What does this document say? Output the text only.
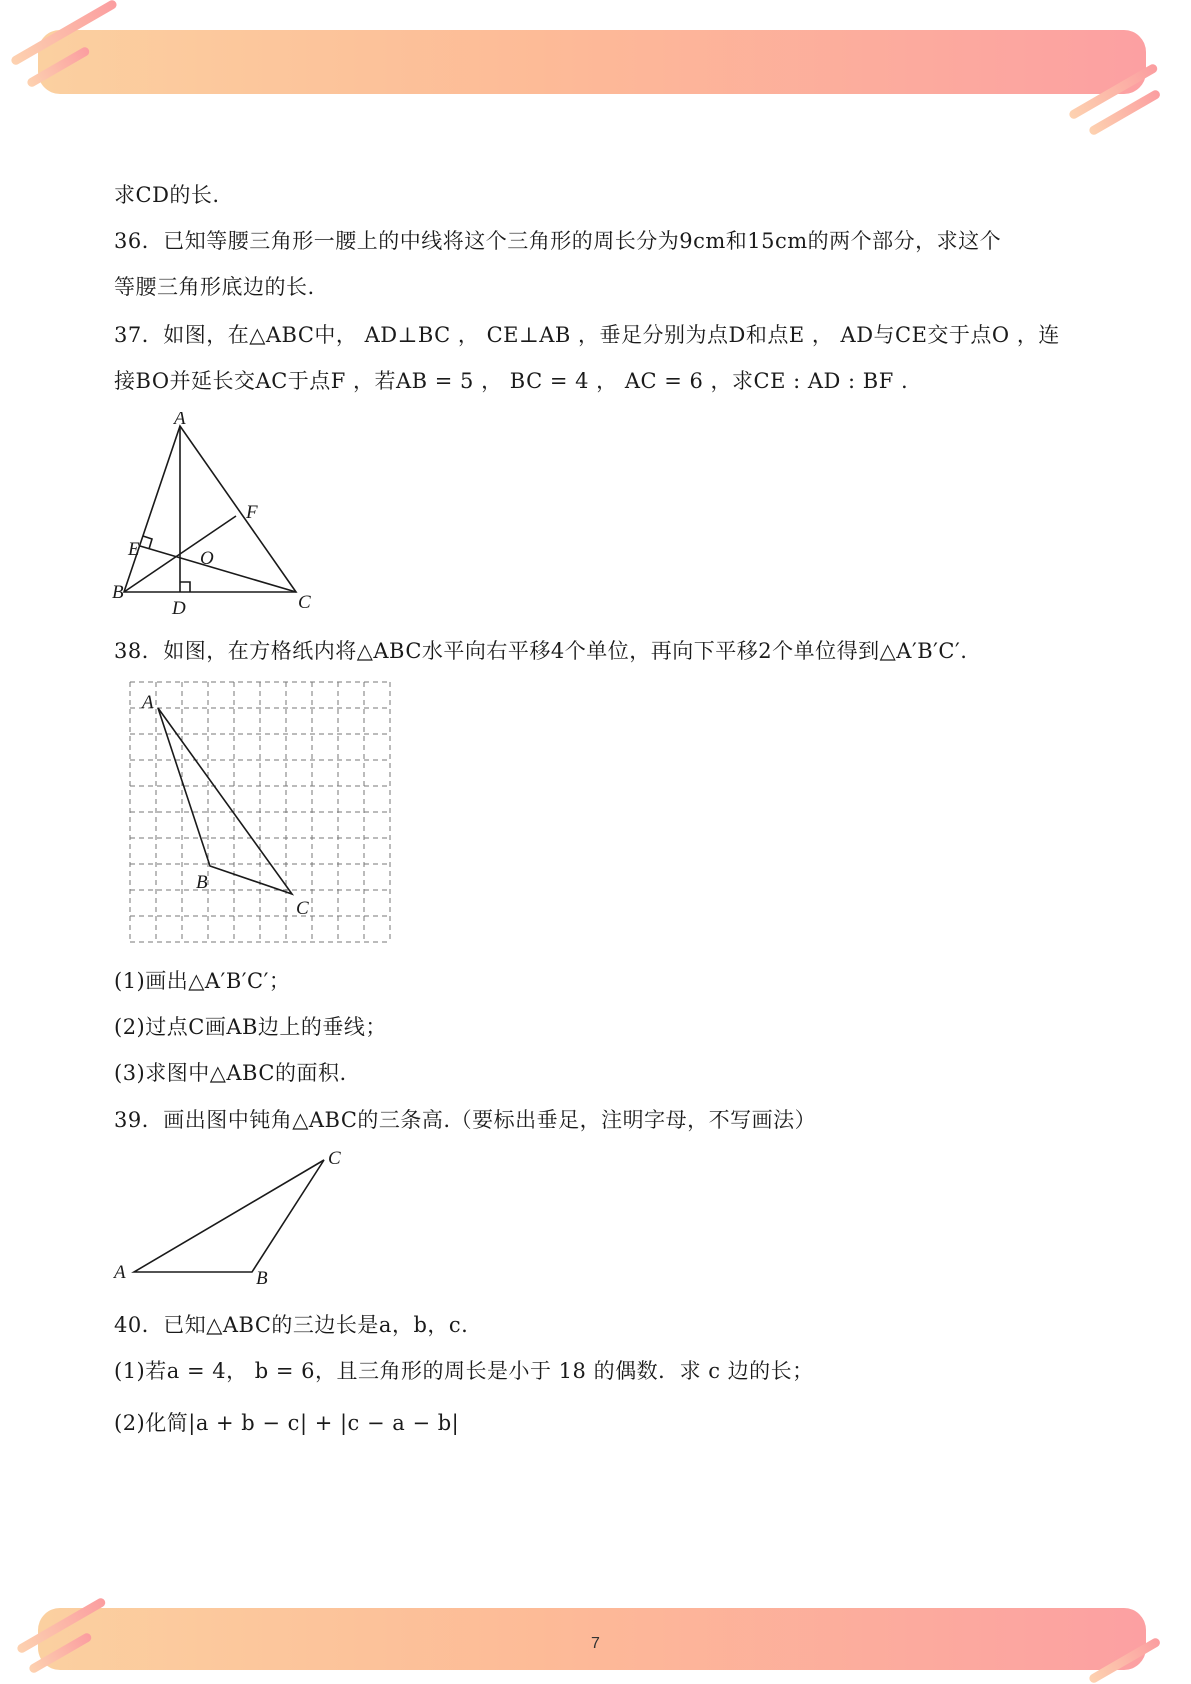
求CD的长.
36．已知等腰三角形一腰上的中线将这个三角形的周长分为9cm和15cm的两个部分，求这个
等腰三角形底边的长.
37．如图，在△ABC中， AD⊥BC ， CE⊥AB ，垂足分别为点D和点E ， AD与CE交于点O ，连
接BO并延长交AC于点F ，若AB = 5 ， BC = 4 ， AC = 6 ，求CE : AD : BF .
A
B	C
D
E
F
O
38．如图，在方格纸内将△ABC水平向右平移4个单位，再向下平移2个单位得到△A′B′C′.
A
B
C
(1)画出△A′B′C′；
(2)过点C画AB边上的垂线；
(3)求图中△ABC的面积.
39．画出图中钝角△ABC的三条高.（要标出垂足，注明字母，不写画法）
A	B
C
40．已知△ABC的三边长是a，b，c.
(1)若a = 4， b = 6，且三角形的周长是小于 18 的偶数．求 c 边的长；
(2)化简|a + b − c| + |c − a − b|
7
